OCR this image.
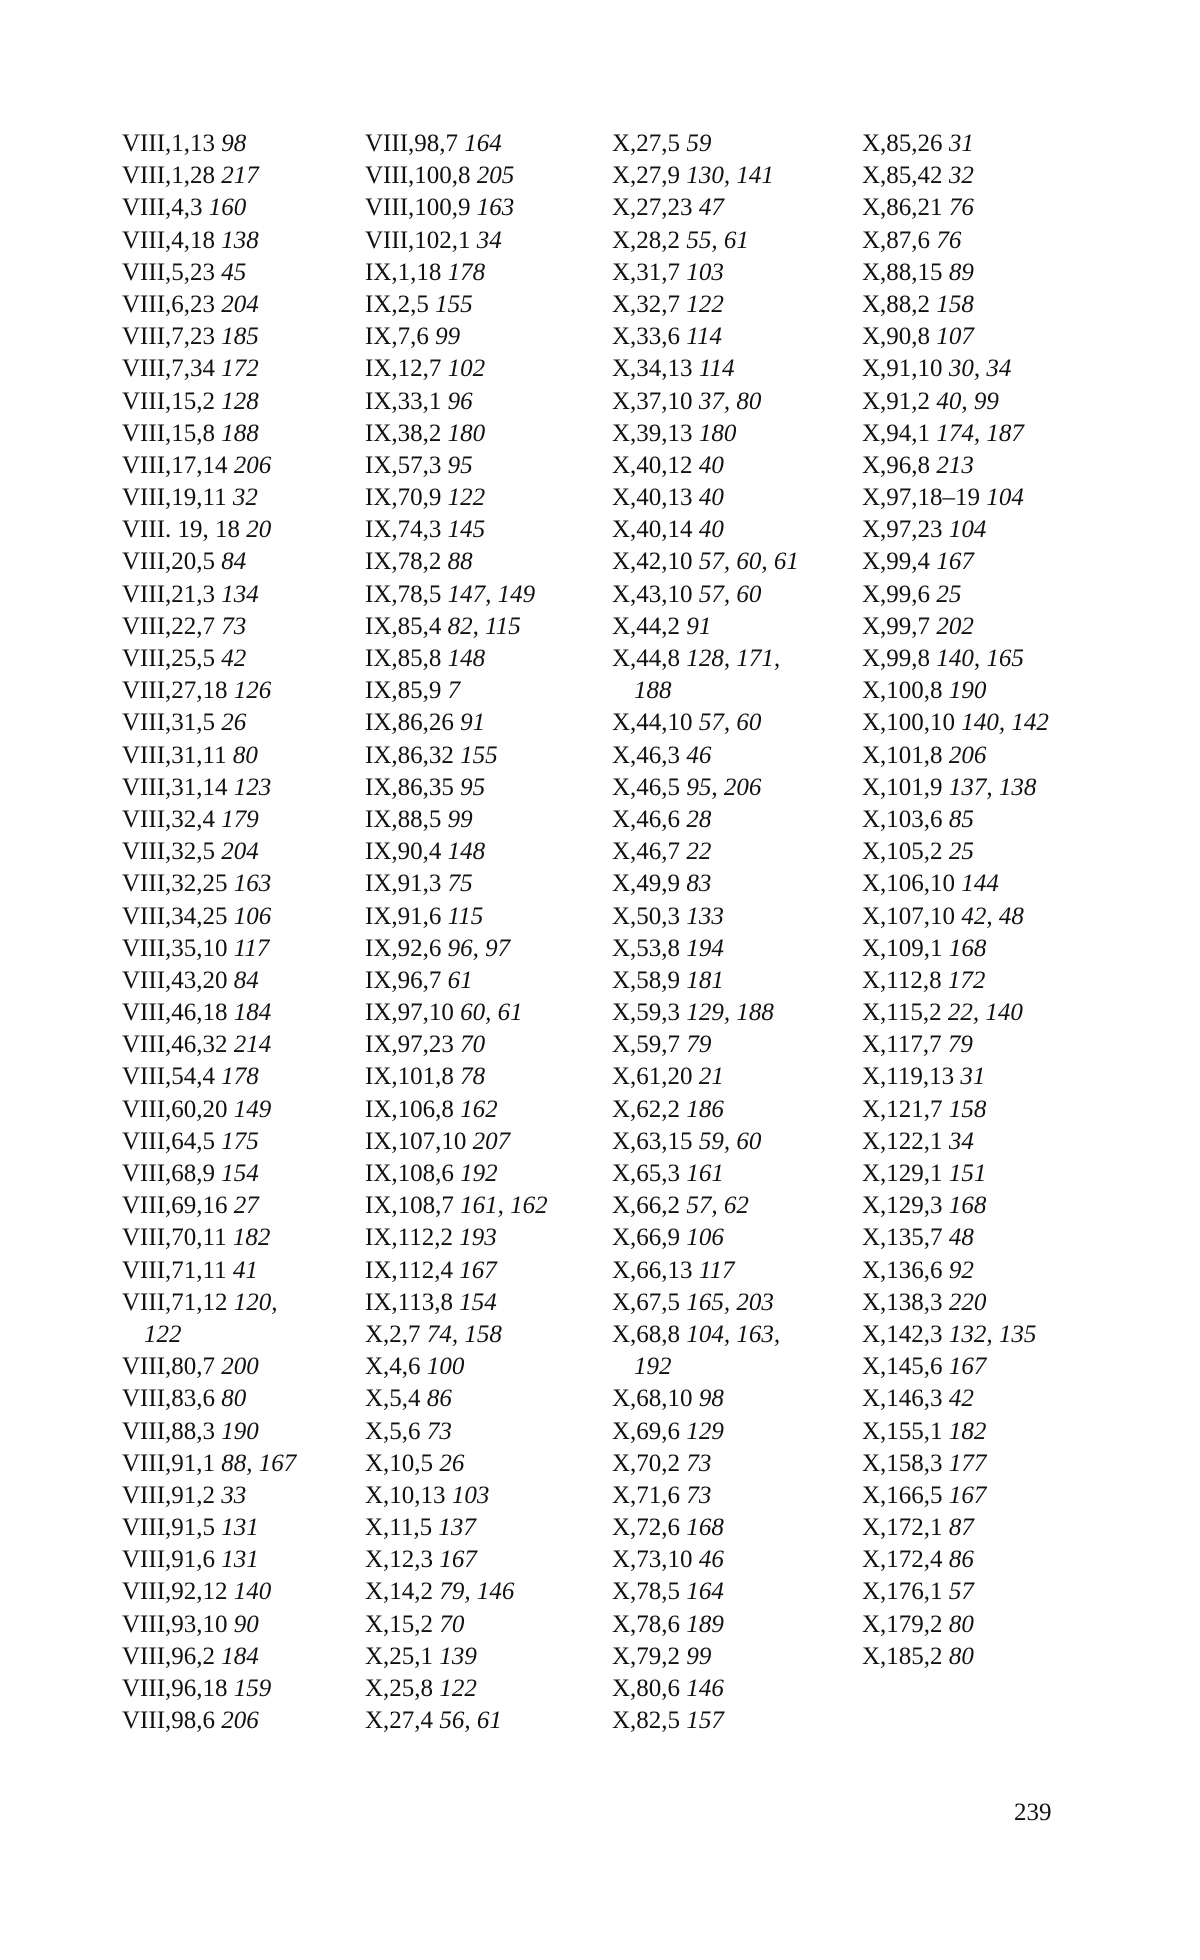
VIII,1,13 98
VIII,1,28 217
VIII,4,3 160
VIII,4,18 138
VIII,5,23 45
VIII,6,23 204
VIII,7,23 185
VIII,7,34 172
VIII,15,2 128
VIII,15,8 188
VIII,17,14 206
VIII,19,11 32
VIII. 19, 18 20
VIII,20,5 84
VIII,21,3 134
VIII,22,7 73
VIII,25,5 42
VIII,27,18 126
VIII,31,5 26
VIII,31,11 80
VIII,31,14 123
VIII,32,4 179
VIII,32,5 204
VIII,32,25 163
VIII,34,25 106
VIII,35,10 117
VIII,43,20 84
VIII,46,18 184
VIII,46,32 214
VIII,54,4 178
VIII,60,20 149
VIII,64,5 175
VIII,68,9 154
VIII,69,16 27
VIII,70,11 182
VIII,71,11 41
VIII,71,12 120,
122
VIII,80,7 200
VIII,83,6 80
VIII,88,3 190
VIII,91,1 88, 167
VIII,91,2 33
VIII,91,5 131
VIII,91,6 131
VIII,92,12 140
VIII,93,10 90
VIII,96,2 184
VIII,96,18 159
VIII,98,6 206
VIII,98,7 164
VIII,100,8 205
VIII,100,9 163
VIII,102,1 34
IX,1,18 178
IX,2,5 155
IX,7,6 99
IX,12,7 102
IX,33,1 96
IX,38,2 180
IX,57,3 95
IX,70,9 122
IX,74,3 145
IX,78,2 88
IX,78,5 147, 149
IX,85,4 82, 115
IX,85,8 148
IX,85,9 7
IX,86,26 91
IX,86,32 155
IX,86,35 95
IX,88,5 99
IX,90,4 148
IX,91,3 75
IX,91,6 115
IX,92,6 96, 97
IX,96,7 61
IX,97,10 60, 61
IX,97,23 70
IX,101,8 78
IX,106,8 162
IX,107,10 207
IX,108,6 192
IX,108,7 161, 162
IX,112,2 193
IX,112,4 167
IX,113,8 154
X,2,7 74, 158
X,4,6 100
X,5,4 86
X,5,6 73
X,10,5 26
X,10,13 103
X,11,5 137
X,12,3 167
X,14,2 79, 146
X,15,2 70
X,25,1 139
X,25,8 122
X,27,4 56, 61
X,27,5 59
X,27,9 130, 141
X,27,23 47
X,28,2 55, 61
X,31,7 103
X,32,7 122
X,33,6 114
X,34,13 114
X,37,10 37, 80
X,39,13 180
X,40,12 40
X,40,13 40
X,40,14 40
X,42,10 57, 60, 61
X,43,10 57, 60
X,44,2 91
X,44,8 128, 171,
188
X,44,10 57, 60
X,46,3 46
X,46,5 95, 206
X,46,6 28
X,46,7 22
X,49,9 83
X,50,3 133
X,53,8 194
X,58,9 181
X,59,3 129, 188
X,59,7 79
X,61,20 21
X,62,2 186
X,63,15 59, 60
X,65,3 161
X,66,2 57, 62
X,66,9 106
X,66,13 117
X,67,5 165, 203
X,68,8 104, 163,
192
X,68,10 98
X,69,6 129
X,70,2 73
X,71,6 73
X,72,6 168
X,73,10 46
X,78,5 164
X,78,6 189
X,79,2 99
X,80,6 146
X,82,5 157
X,85,26 31
X,85,42 32
X,86,21 76
X,87,6 76
X,88,15 89
X,88,2 158
X,90,8 107
X,91,10 30, 34
X,91,2 40, 99
X,94,1 174, 187
X,96,8 213
X,97,18–19 104
X,97,23 104
X,99,4 167
X,99,6 25
X,99,7 202
X,99,8 140, 165
X,100,8 190
X,100,10 140, 142
X,101,8 206
X,101,9 137, 138
X,103,6 85
X,105,2 25
X,106,10 144
X,107,10 42, 48
X,109,1 168
X,112,8 172
X,115,2 22, 140
X,117,7 79
X,119,13 31
X,121,7 158
X,122,1 34
X,129,1 151
X,129,3 168
X,135,7 48
X,136,6 92
X,138,3 220
X,142,3 132, 135
X,145,6 167
X,146,3 42
X,155,1 182
X,158,3 177
X,166,5 167
X,172,1 87
X,172,4 86
X,176,1 57
X,179,2 80
X,185,2 80
239
